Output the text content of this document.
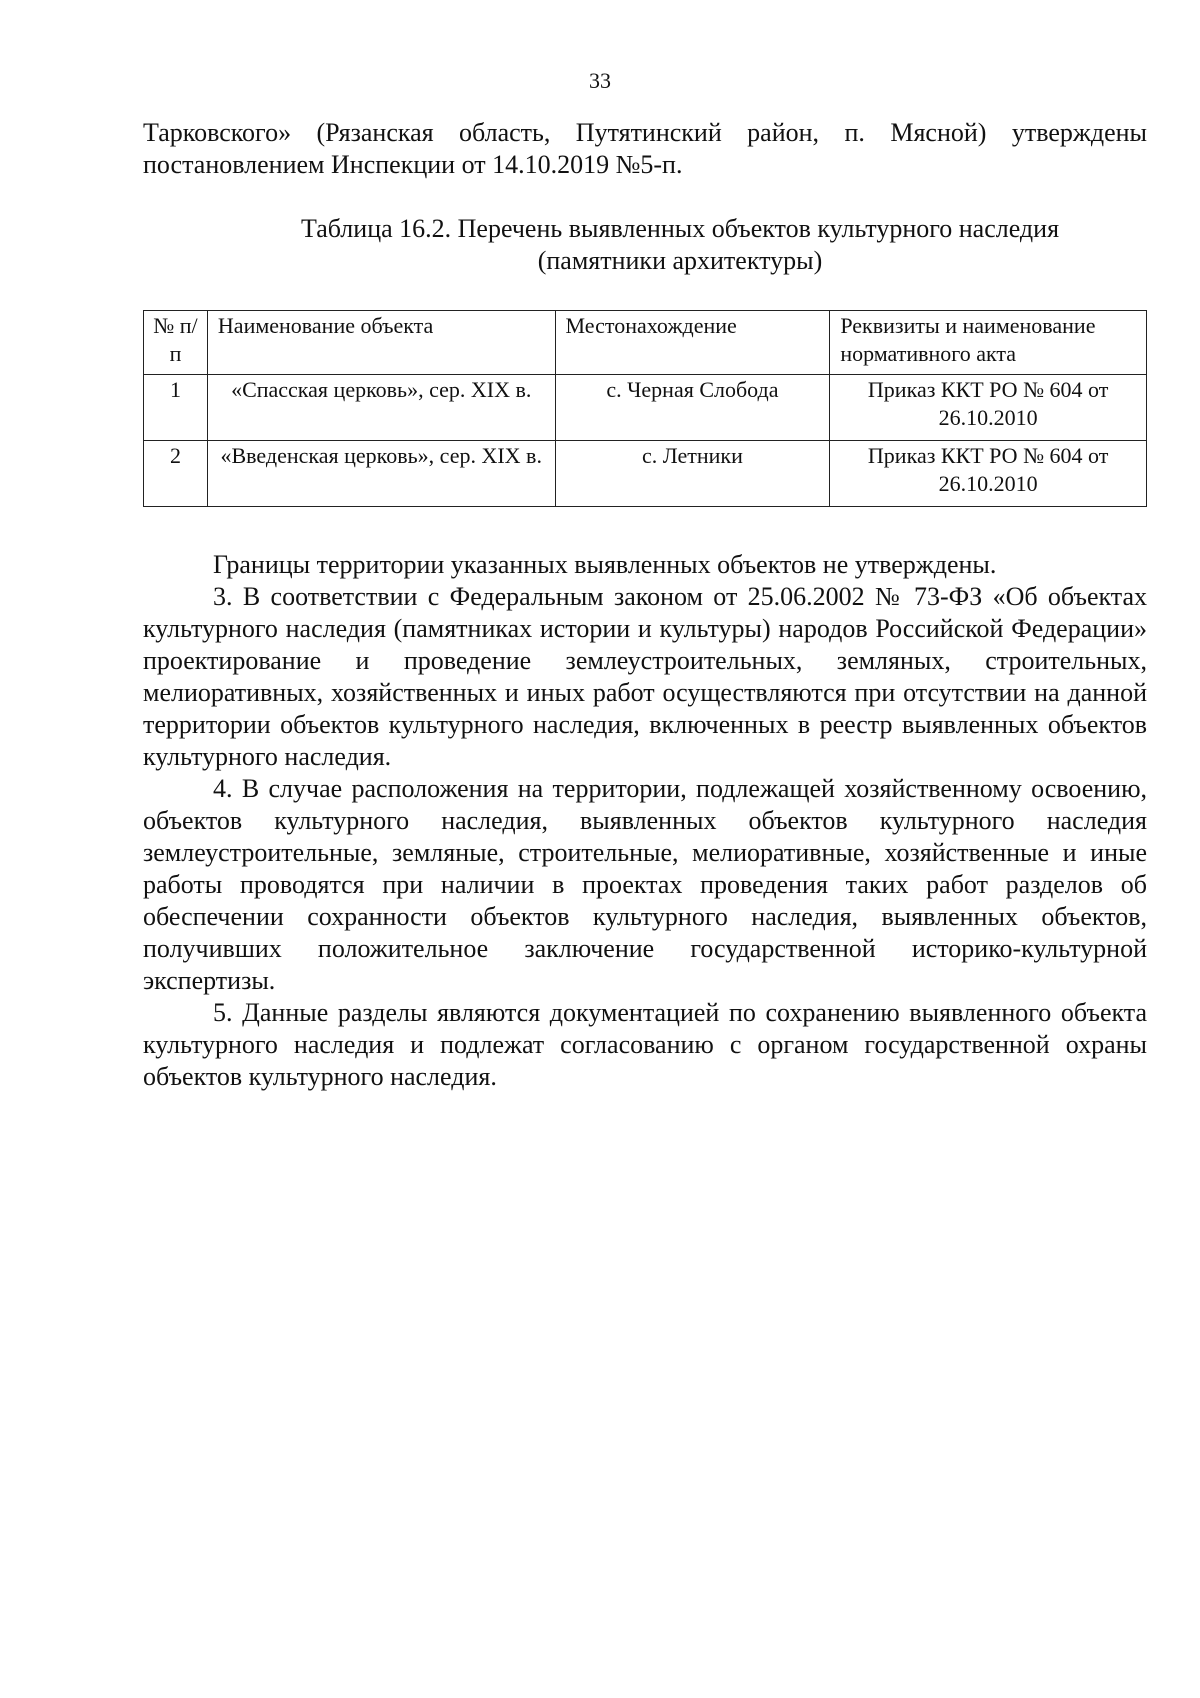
33
Тарковского» (Рязанская область, Путятинский район, п. Мясной) утверждены постановлением Инспекции от 14.10.2019 №5-п.
Таблица 16.2. Перечень выявленных объектов культурного наследия
(памятники архитектуры)
№ п/п	Наименование объекта	Местонахождение	Реквизиты и наименование нормативного акта
1	«Спасская церковь», сер. XIX в.	с. Черная Слобода	Приказ ККТ РО № 604 от 26.10.2010
2	«Введенская церковь», сер. XIX в.	с. Летники	Приказ ККТ РО № 604 от 26.10.2010

Границы территории указанных выявленных объектов не утверждены.

3. В соответствии с Федеральным законом от 25.06.2002 № 73-ФЗ «Об объектах культурного наследия (памятниках истории и культуры) народов Российской Федерации» проектирование и проведение землеустроительных, земляных, строительных, мелиоративных, хозяйственных и иных работ осуществляются при отсутствии на данной территории объектов культурного наследия, включенных в реестр выявленных объектов культурного наследия.

4. В случае расположения на территории, подлежащей хозяйственному освоению, объектов культурного наследия, выявленных объектов культурного наследия землеустроительные, земляные, строительные, мелиоративные, хозяйственные и иные работы проводятся при наличии в проектах проведения таких работ разделов об обеспечении сохранности объектов культурного наследия, выявленных объектов, получивших положительное заключение государственной историко-культурной экспертизы.

5. Данные разделы являются документацией по сохранению выявленного объекта культурного наследия и подлежат согласованию с органом государственной охраны объектов культурного наследия.
